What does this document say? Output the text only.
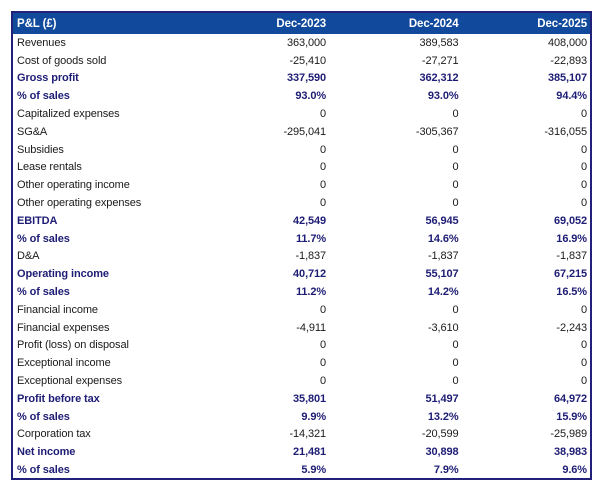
P&L (£)	Dec-2023	Dec-2024	Dec-2025
Revenues	363,000	389,583	408,000
Cost of goods sold	-25,410	-27,271	-22,893
Gross profit	337,590	362,312	385,107
% of sales	93.0%	93.0%	94.4%
Capitalized expenses	0	0	0
SG&A	-295,041	-305,367	-316,055
Subsidies	0	0	0
Lease rentals	0	0	0
Other operating income	0	0	0
Other operating expenses	0	0	0
EBITDA	42,549	56,945	69,052
% of sales	11.7%	14.6%	16.9%
D&A	-1,837	-1,837	-1,837
Operating income	40,712	55,107	67,215
% of sales	11.2%	14.2%	16.5%
Financial income	0	0	0
Financial expenses	-4,911	-3,610	-2,243
Profit (loss) on disposal	0	0	0
Exceptional income	0	0	0
Exceptional expenses	0	0	0
Profit before tax	35,801	51,497	64,972
% of sales	9.9%	13.2%	15.9%
Corporation tax	-14,321	-20,599	-25,989
Net income	21,481	30,898	38,983
% of sales	5.9%	7.9%	9.6%
